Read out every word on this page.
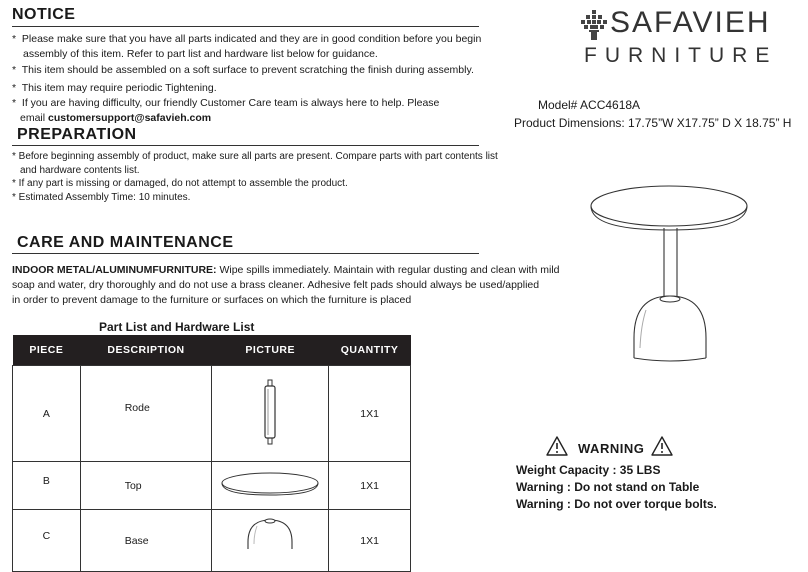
NOTICE
*  Please make sure that you have all parts indicated and they are in good condition before you begin
assembly of this item. Refer to part list and hardware list below for guidance.
*  This item should be assembled on a soft surface to prevent scratching the finish during assembly.
*  This item may require periodic Tightening.
*  If you are having difficulty, our friendly Customer Care team is always here to help. Please
email customersupport@safavieh.com
PREPARATION
* Before beginning assembly of product, make sure all parts are present. Compare parts with part contents list
and hardware contents list.
* If any part is missing or damaged, do not attempt to assemble the product.
* Estimated Assembly Time: 10 minutes.
CARE AND MAINTENANCE
INDOOR METAL/ALUMINUMFURNITURE: Wipe spills immediately. Maintain with regular dusting and clean with mild
soap and water, dry thoroughly and do not use a brass cleaner. Adhesive felt pads should always be used/applied
in order to prevent damage to the furniture or surfaces on which the furniture is placed
Part List and Hardware List
PIECE	DESCRIPTION	PICTURE	QUANTITY
A	Rode		1X1
B	Top		1X1
C	Base		1X1
SAFAVIEH
FURNITURE
Model# ACC4618A
Product Dimensions: 17.75”W X17.75” D X 18.75” H
WARNING
Weight Capacity : 35 LBS
Warning : Do not stand on Table
Warning : Do not over torque bolts.
